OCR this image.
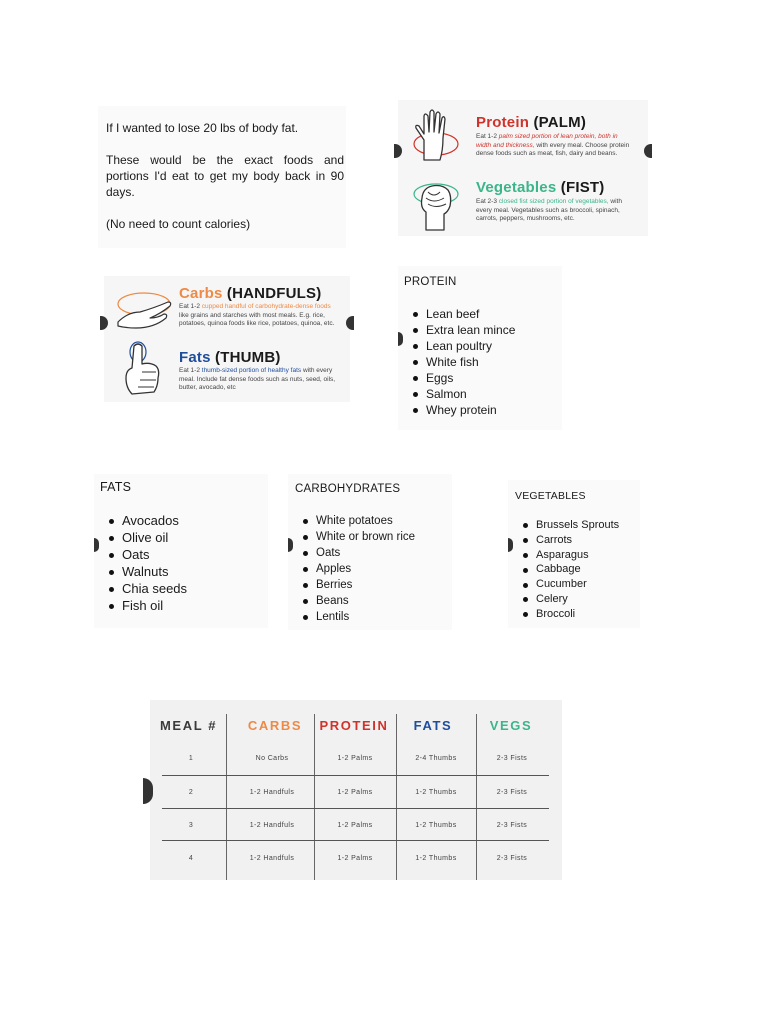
If I wanted to lose 20 lbs of body fat.

These would be the exact foods and portions I'd eat to get my body back in 90 days.

(No need to count calories)

Protein (PALM)
Eat 1-2 palm sized portion of lean protein, both in width and thickness, with every meal. Choose protein dense foods such as meat, fish, dairy and beans.
Vegetables (FIST)
Eat 2-3 closed fist sized portion of vegetables, with every meal. Vegetables such as broccoli, spinach, carrots, peppers, mushrooms, etc.
Carbs (HANDFULS)
Eat 1-2 cupped handful of carbohydrate-dense foods like grains and starches with most meals. E.g. rice, potatoes, quinoa foods like rice, potatoes, quinoa, etc.
Fats (THUMB)
Eat 1-2 thumb-sized portion of healthy fats with every meal. Include fat dense foods such as nuts, seed, oils, butter, avocado, etc
PROTEIN
Lean beef
Extra lean mince
Lean poultry
White fish
Eggs
Salmon
Whey protein
FATS
Avocados
Olive oil
Oats
Walnuts
Chia seeds
Fish oil
CARBOHYDRATES
White potatoes
White or brown rice
Oats
Apples
Berries
Beans
Lentils
VEGETABLES
Brussels Sprouts
Carrots
Asparagus
Cabbage
Cucumber
Celery
Broccoli
MEAL #	CARBS	PROTEIN	FATS	VEGS
1	No Carbs	1-2 Palms	2-4 Thumbs	2-3 Fists
2	1-2 Handfuls	1-2 Palms	1-2 Thumbs	2-3 Fists
3	1-2 Handfuls	1-2 Palms	1-2 Thumbs	2-3 Fists
4	1-2 Handfuls	1-2 Palms	1-2 Thumbs	2-3 Fists
